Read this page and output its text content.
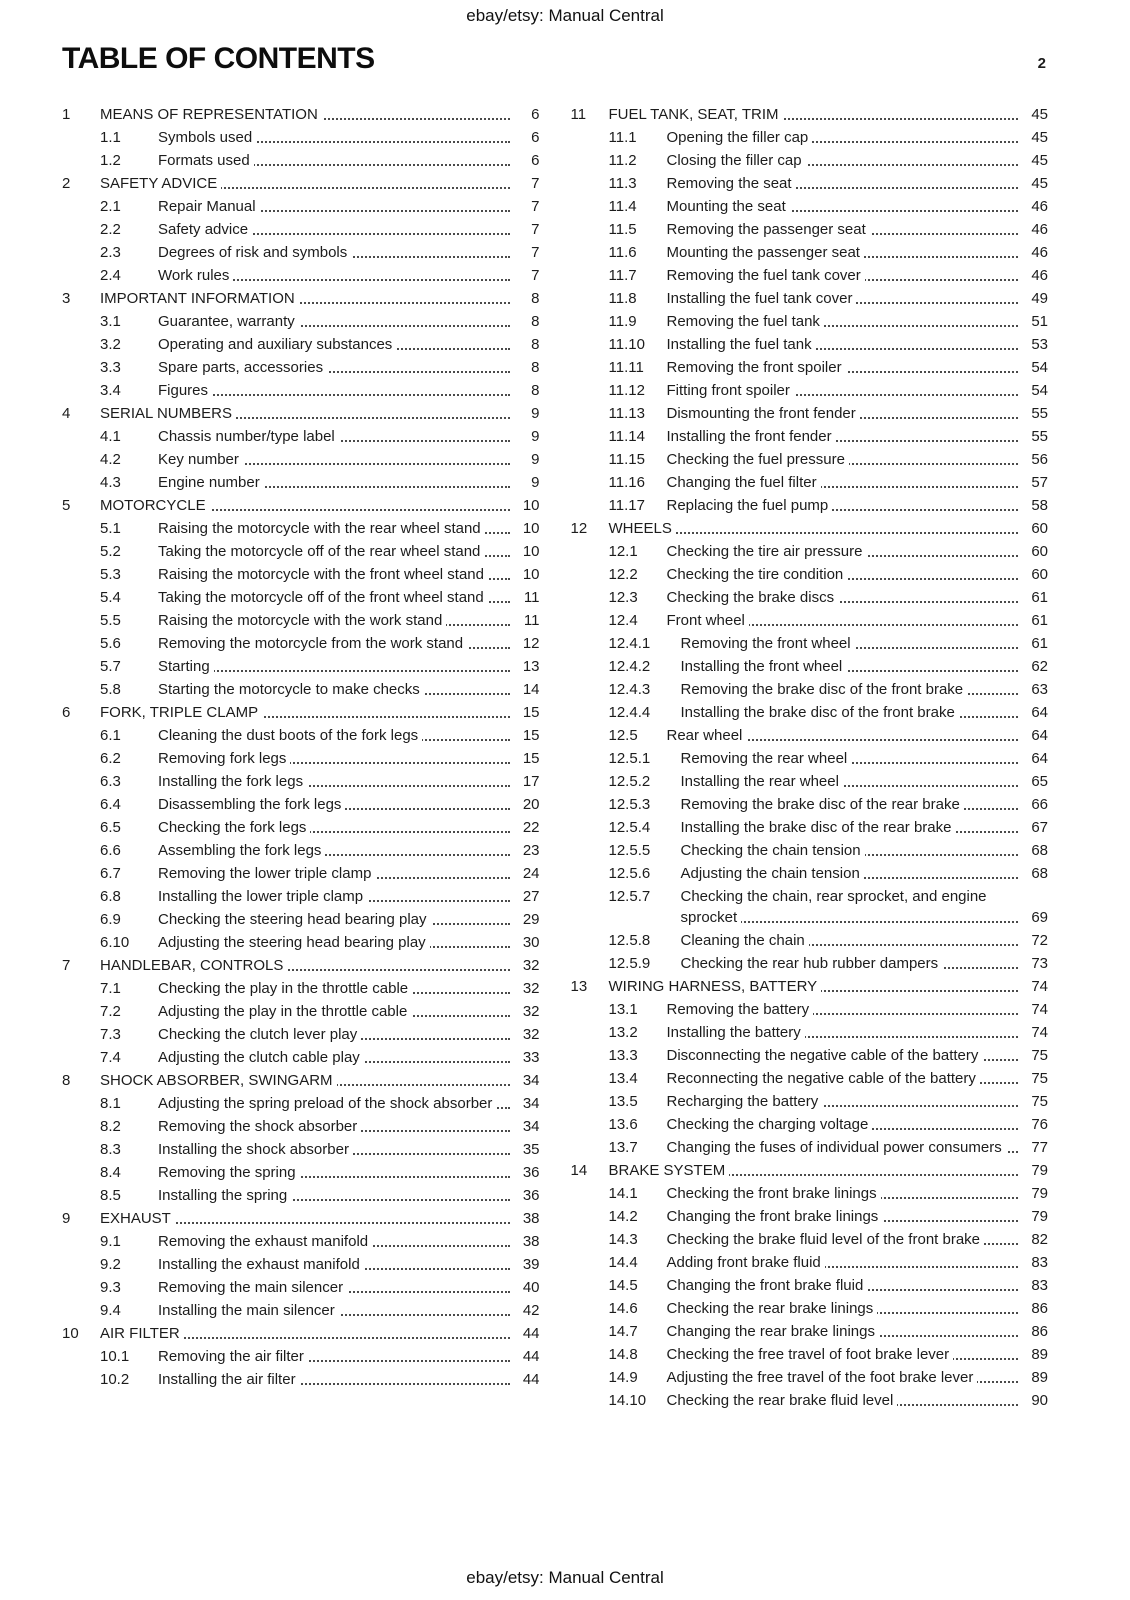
ebay/etsy: Manual Central
TABLE OF CONTENTS	2
1	MEANS OF REPRESENTATION	6
1.1	Symbols used	6
1.2	Formats used	6
2	SAFETY ADVICE	7
2.1	Repair Manual	7
2.2	Safety advice	7
2.3	Degrees of risk and symbols	7
2.4	Work rules	7
3	IMPORTANT INFORMATION	8
3.1	Guarantee, warranty	8
3.2	Operating and auxiliary substances	8
3.3	Spare parts, accessories	8
3.4	Figures	8
4	SERIAL NUMBERS	9
4.1	Chassis number/type label	9
4.2	Key number	9
4.3	Engine number	9
5	MOTORCYCLE	10
5.1	Raising the motorcycle with the rear wheel stand	10
5.2	Taking the motorcycle off of the rear wheel stand	10
5.3	Raising the motorcycle with the front wheel stand	10
5.4	Taking the motorcycle off of the front wheel stand	11
5.5	Raising the motorcycle with the work stand	11
5.6	Removing the motorcycle from the work stand	12
5.7	Starting	13
5.8	Starting the motorcycle to make checks	14
6	FORK, TRIPLE CLAMP	15
6.1	Cleaning the dust boots of the fork legs	15
6.2	Removing fork legs	15
6.3	Installing the fork legs	17
6.4	Disassembling the fork legs	20
6.5	Checking the fork legs	22
6.6	Assembling the fork legs	23
6.7	Removing the lower triple clamp	24
6.8	Installing the lower triple clamp	27
6.9	Checking the steering head bearing play	29
6.10	Adjusting the steering head bearing play	30
7	HANDLEBAR, CONTROLS	32
7.1	Checking the play in the throttle cable	32
7.2	Adjusting the play in the throttle cable	32
7.3	Checking the clutch lever play	32
7.4	Adjusting the clutch cable play	33
8	SHOCK ABSORBER, SWINGARM	34
8.1	Adjusting the spring preload of the shock absorber	34
8.2	Removing the shock absorber	34
8.3	Installing the shock absorber	35
8.4	Removing the spring	36
8.5	Installing the spring	36
9	EXHAUST	38
9.1	Removing the exhaust manifold	38
9.2	Installing the exhaust manifold	39
9.3	Removing the main silencer	40
9.4	Installing the main silencer	42
10	AIR FILTER	44
10.1	Removing the air filter	44
10.2	Installing the air filter	44
11	FUEL TANK, SEAT, TRIM	45
11.1	Opening the filler cap	45
11.2	Closing the filler cap	45
11.3	Removing the seat	45
11.4	Mounting the seat	46
11.5	Removing the passenger seat	46
11.6	Mounting the passenger seat	46
11.7	Removing the fuel tank cover	46
11.8	Installing the fuel tank cover	49
11.9	Removing the fuel tank	51
11.10	Installing the fuel tank	53
11.11	Removing the front spoiler	54
11.12	Fitting front spoiler	54
11.13	Dismounting the front fender	55
11.14	Installing the front fender	55
11.15	Checking the fuel pressure	56
11.16	Changing the fuel filter	57
11.17	Replacing the fuel pump	58
12	WHEELS	60
12.1	Checking the tire air pressure	60
12.2	Checking the tire condition	60
12.3	Checking the brake discs	61
12.4	Front wheel	61
12.4.1	Removing the front wheel	61
12.4.2	Installing the front wheel	62
12.4.3	Removing the brake disc of the front brake	63
12.4.4	Installing the brake disc of the front brake	64
12.5	Rear wheel	64
12.5.1	Removing the rear wheel	64
12.5.2	Installing the rear wheel	65
12.5.3	Removing the brake disc of the rear brake	66
12.5.4	Installing the brake disc of the rear brake	67
12.5.5	Checking the chain tension	68
12.5.6	Adjusting the chain tension	68
12.5.7	Checking the chain, rear sprocket, and engine sprocket	69
12.5.8	Cleaning the chain	72
12.5.9	Checking the rear hub rubber dampers	73
13	WIRING HARNESS, BATTERY	74
13.1	Removing the battery	74
13.2	Installing the battery	74
13.3	Disconnecting the negative cable of the battery	75
13.4	Reconnecting the negative cable of the battery	75
13.5	Recharging the battery	75
13.6	Checking the charging voltage	76
13.7	Changing the fuses of individual power consumers	77
14	BRAKE SYSTEM	79
14.1	Checking the front brake linings	79
14.2	Changing the front brake linings	79
14.3	Checking the brake fluid level of the front brake	82
14.4	Adding front brake fluid	83
14.5	Changing the front brake fluid	83
14.6	Checking the rear brake linings	86
14.7	Changing the rear brake linings	86
14.8	Checking the free travel of foot brake lever	89
14.9	Adjusting the free travel of the foot brake lever	89
14.10	Checking the rear brake fluid level	90
ebay/etsy: Manual Central
